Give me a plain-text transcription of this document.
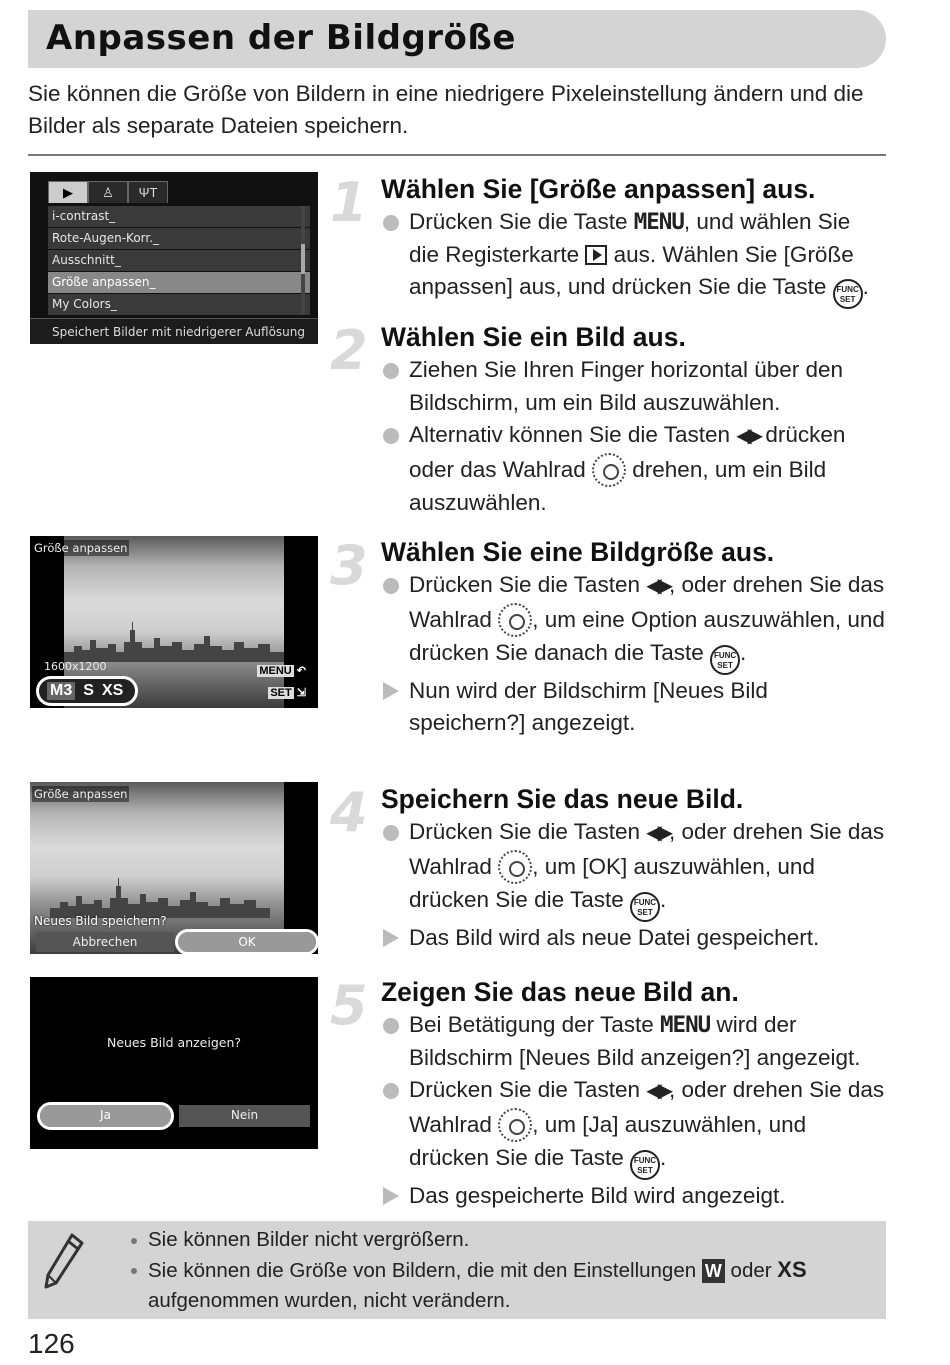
Anpassen der Bildgröße

Sie können die Größe von Bildern in eine niedrigere Pixeleinstellung ändern und die Bilder als separate Dateien speichern.

▶	♙	ΨΤ
i-contrast_
Rote-Augen-Korr._
Ausschnitt_
Größe anpassen_
My Colors_
Speichert Bilder mit niedrigerer Auflösung
Größe anpassen
1600x1200
M3 S XS
MENU ↶
SET ⇲
Größe anpassen
Neues Bild speichern?
Abbrechen	OK
Neues Bild anzeigen?
Ja	Nein
1 Wählen Sie [Größe anpassen] aus.

Drücken Sie die Taste MENU, und wählen Sie die Registerkarte  aus. Wählen Sie [Größe anpassen] aus, und drücken Sie die Taste FUNC SET.

2 Wählen Sie ein Bild aus.

Ziehen Sie Ihren Finger horizontal über den Bildschirm, um ein Bild auszuwählen.

Alternativ können Sie die Tasten ◀▶ drücken oder das Wahlrad  drehen, um ein Bild auszuwählen.

3 Wählen Sie eine Bildgröße aus.

Drücken Sie die Tasten ◀▶, oder drehen Sie das Wahlrad , um eine Option auszuwählen, und drücken Sie danach die Taste FUNC SET.

Nun wird der Bildschirm [Neues Bild speichern?] angezeigt.

4 Speichern Sie das neue Bild.

Drücken Sie die Tasten ◀▶, oder drehen Sie das Wahlrad , um [OK] auszuwählen, und drücken Sie die Taste FUNC SET.

Das Bild wird als neue Datei gespeichert.

5 Zeigen Sie das neue Bild an.

Bei Betätigung der Taste MENU wird der Bildschirm [Neues Bild anzeigen?] angezeigt.

Drücken Sie die Tasten ◀▶, oder drehen Sie das Wahlrad , um [Ja] auszuwählen, und drücken Sie die Taste FUNC SET.

Das gespeicherte Bild wird angezeigt.

Sie können Bilder nicht vergrößern.
Sie können die Größe von Bildern, die mit den Einstellungen W oder XS aufgenommen wurden, nicht verändern.
126
